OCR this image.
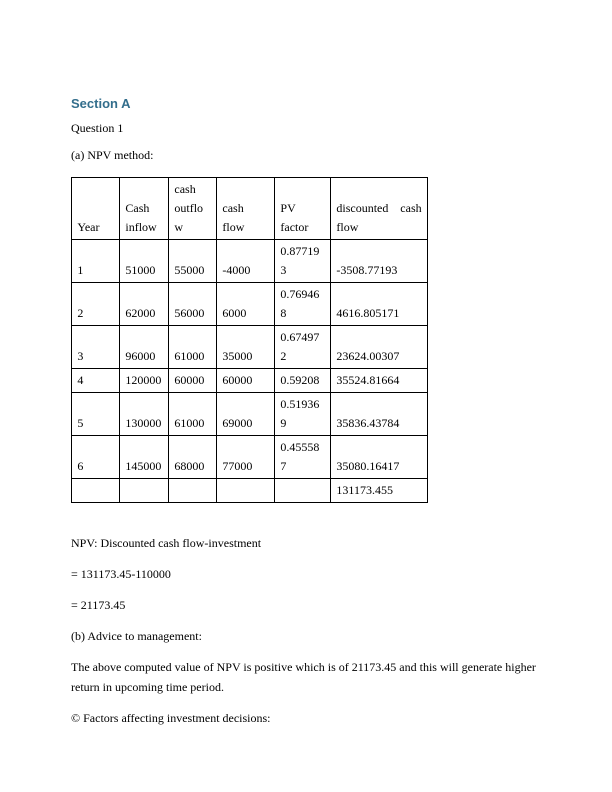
Section A

Question 1

(a) NPV method:

Year	Cash inflow	cash outflow	cash flow	PV factor	discounted cash flow
1	51000	55000	-4000	0.877193	-3508.77193
2	62000	56000	6000	0.769468	4616.805171
3	96000	61000	35000	0.674972	23624.00307
4	120000	60000	60000	0.59208	35524.81664
5	130000	61000	69000	0.519369	35836.43784
6	145000	68000	77000	0.455587	35080.16417
					131173.455

NPV: Discounted cash flow-investment

= 131173.45-110000

= 21173.45

(b) Advice to management:

The above computed value of NPV is positive which is of 21173.45 and this will generate higher return in upcoming time period.

© Factors affecting investment decisions:
